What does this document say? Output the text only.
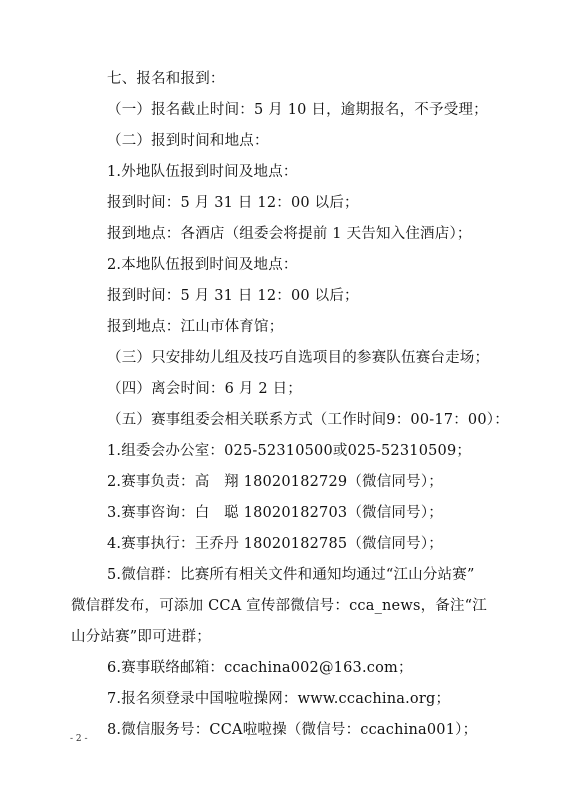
七、报名和报到：
（一）报名截止时间：5 月 10 日，逾期报名，不予受理；
（二）报到时间和地点：
1.外地队伍报到时间及地点：
报到时间：5 月 31 日 12：00 以后；
报到地点：各酒店（组委会将提前 1 天告知入住酒店）；
2.本地队伍报到时间及地点：
报到时间：5 月 31 日 12：00 以后；
报到地点：江山市体育馆；
（三）只安排幼儿组及技巧自选项目的参赛队伍赛台走场；
（四）离会时间：6 月 2 日；
（五）赛事组委会相关联系方式（工作时间9：00-17：00）：
1.组委会办公室：025-52310500或025-52310509；
2.赛事负责：高　翔 18020182729（微信同号）；
3.赛事咨询：白　聪 18020182703（微信同号）；
4.赛事执行：王乔丹 18020182785（微信同号）；
5.微信群：比赛所有相关文件和通知均通过“江山分站赛”
微信群发布，可添加 CCA 宣传部微信号：cca_news，备注“江
山分站赛”即可进群；
6.赛事联络邮箱：ccachina002@163.com；
7.报名须登录中国啦啦操网：www.ccachina.org；
8.微信服务号：CCA啦啦操（微信号：ccachina001）；
- 2 -
